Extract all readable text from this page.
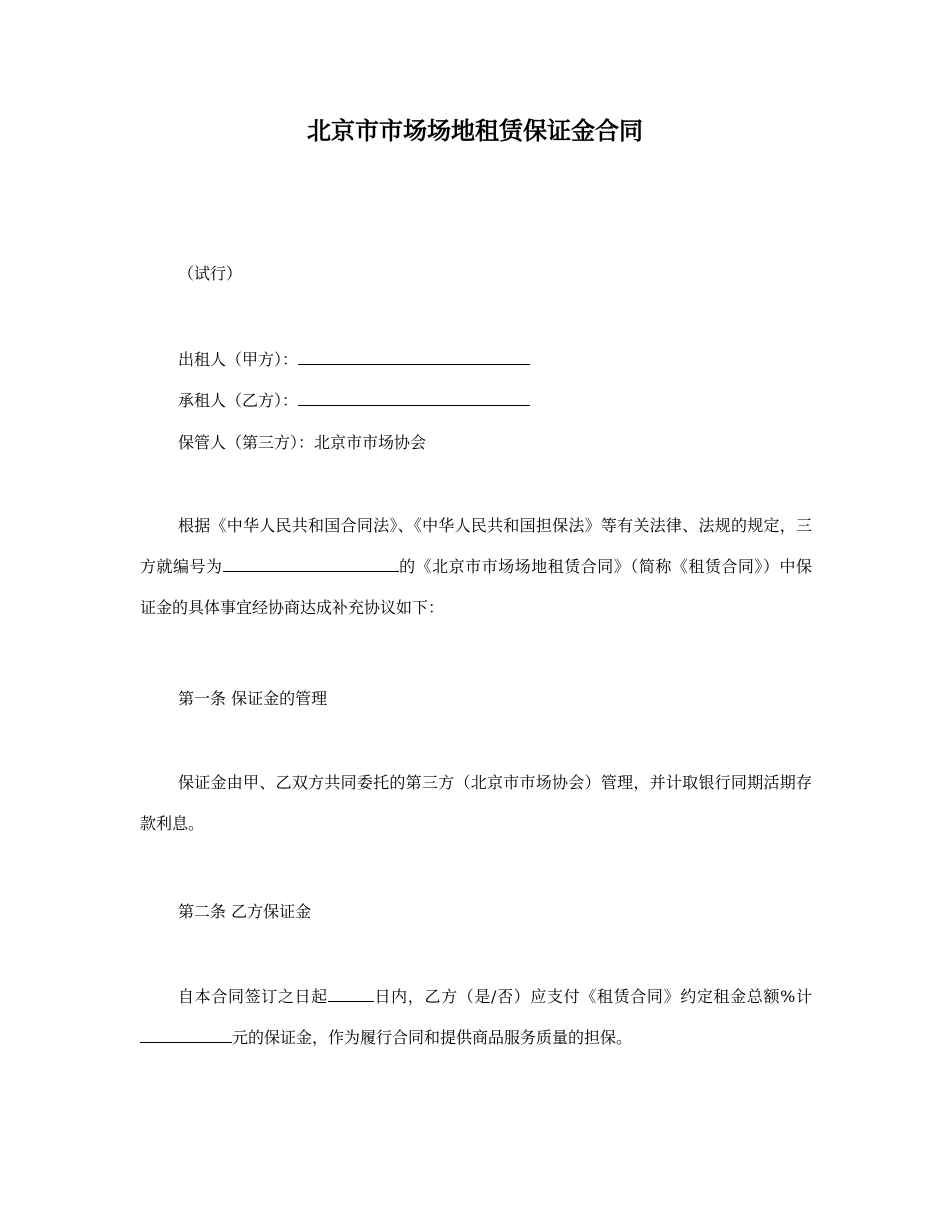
北京市市场场地租赁保证金合同
（试行）
出租人（甲方）：
承租人（乙方）：
保管人（第三方）：北京市市场协会
根据《中华人民共和国合同法》、《中华人民共和国担保法》等有关法律、法规的规定，三方就编号为	的《北京市市场场地租赁合同》（简称《租赁合同》）中保证金的具体事宜经协商达成补充协议如下：
第一条 保证金的管理
保证金由甲、乙双方共同委托的第三方（北京市市场协会）管理，并计取银行同期活期存款利息。
第二条 乙方保证金
自本合同签订之日起	日内，乙方（是/否）应支付《租赁合同》约定租金总额%计元的保证金，作为履行合同和提供商品服务质量的担保。
